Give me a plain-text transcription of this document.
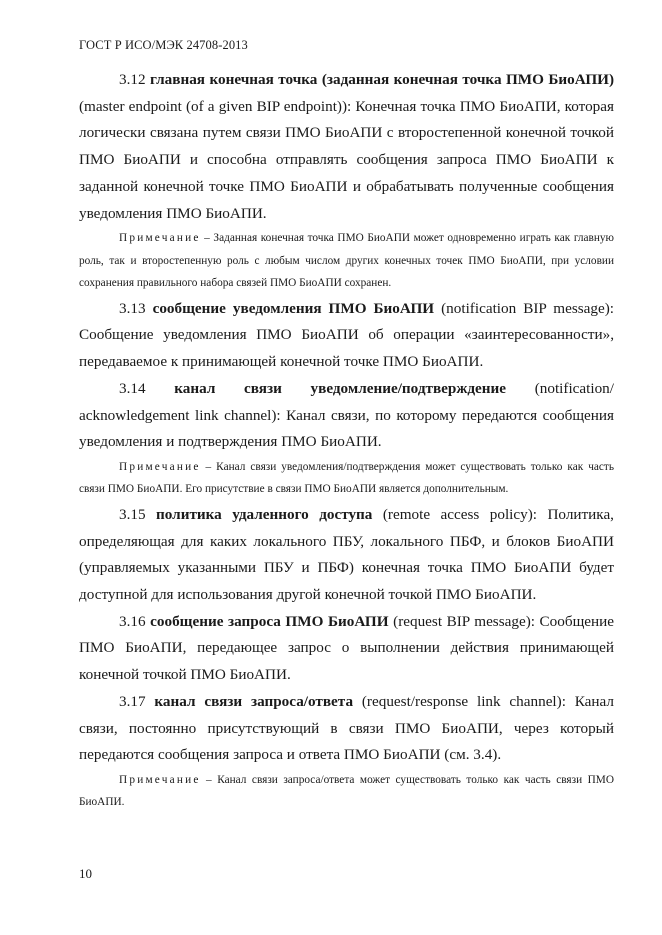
ГОСТ Р ИСО/МЭК 24708-2013

3.12 главная конечная точка (заданная конечная точка ПМО БиоАПИ) (master endpoint (of a given BIP endpoint)): Конечная точка ПМО БиоАПИ, которая логически связана путем связи ПМО БиоАПИ с второстепенной конечной точкой ПМО БиоАПИ и способна отправлять сообщения запроса ПМО БиоАПИ к заданной конечной точке ПМО БиоАПИ и обрабатывать полученные сообщения уведомления ПМО БиоАПИ.

Примечание – Заданная конечная точка ПМО БиоАПИ может одновременно играть как главную роль, так и второстепенную роль с любым числом других конечных точек ПМО БиоАПИ, при условии сохранения правильного набора связей ПМО БиоАПИ сохранен.

3.13 сообщение уведомления ПМО БиоАПИ (notification BIP message): Сообщение уведомления ПМО БиоАПИ об операции «заинтересованности», передаваемое к принимающей конечной точке ПМО БиоАПИ.

3.14 канал связи уведомление/подтверждение (notification/ acknowledgement link channel): Канал связи, по которому передаются сообщения уведомления и подтверждения ПМО БиоАПИ.

Примечание – Канал связи уведомления/подтверждения может существовать только как часть связи ПМО БиоАПИ. Его присутствие в связи ПМО БиоАПИ является дополнительным.

3.15 политика удаленного доступа (remote access policy): Политика, определяющая для каких локального ПБУ, локального ПБФ, и блоков БиоАПИ (управляемых указанными ПБУ и ПБФ) конечная точка ПМО БиоАПИ будет доступной для использования другой конечной точкой ПМО БиоАПИ.

3.16 сообщение запроса ПМО БиоАПИ (request BIP message): Сообщение ПМО БиоАПИ, передающее запрос о выполнении действия принимающей конечной точкой ПМО БиоАПИ.

3.17 канал связи запроса/ответа (request/response link channel): Канал связи, постоянно присутствующий в связи ПМО БиоАПИ, через который передаются сообщения запроса и ответа ПМО БиоАПИ (см. 3.4).

Примечание – Канал связи запроса/ответа может существовать только как часть связи ПМО БиоАПИ.

10
